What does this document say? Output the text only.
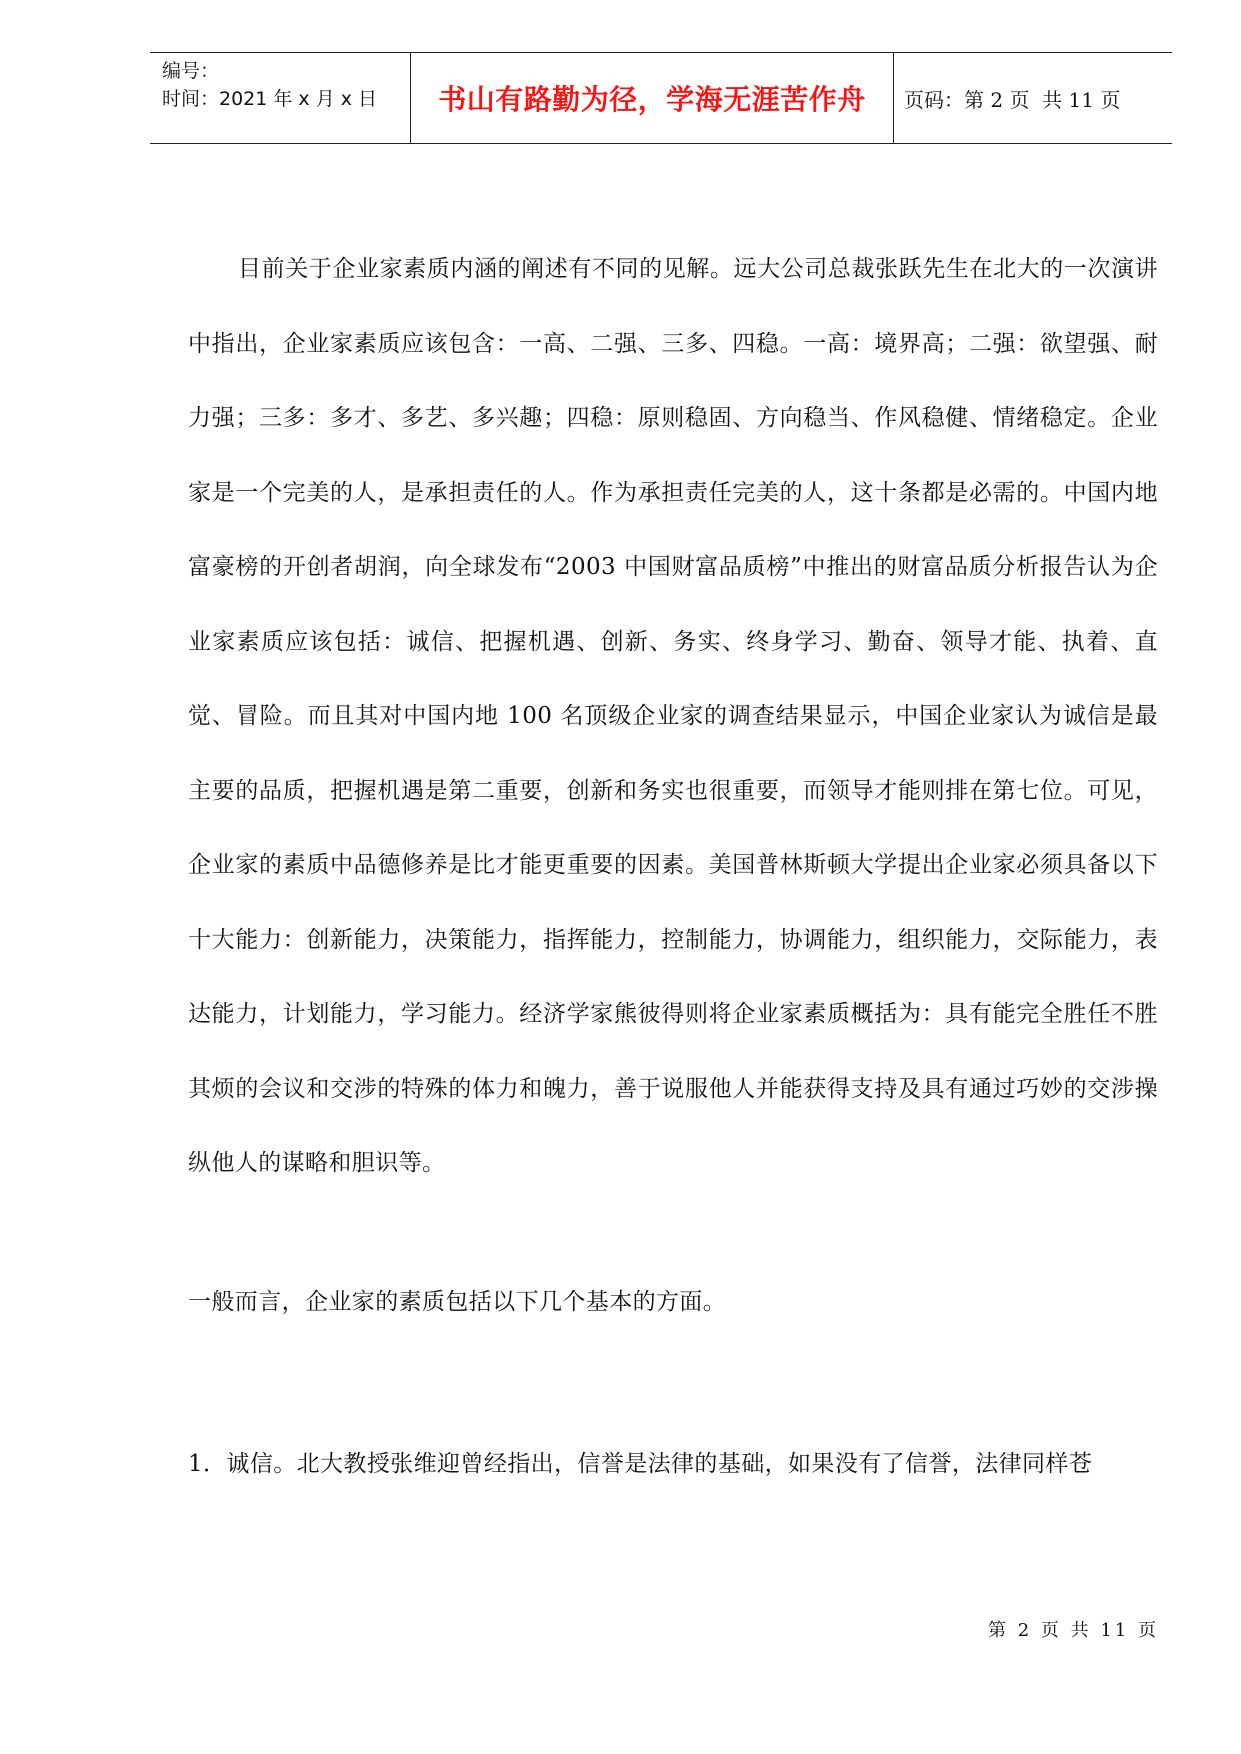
编号：
时间：2021 年 x 月 x 日	书山有路勤为径，学海无涯苦作舟 页码：第 2 页  共 11 页

目前关于企业家素质内涵的阐述有不同的见解。远大公司总裁张跃先生在北大的一次演讲中指出，企业家素质应该包含：一高、二强、三多、四稳。一高：境界高；二强：欲望强、耐力强；三多：多才、多艺、多兴趣；四稳：原则稳固、方向稳当、作风稳健、情绪稳定。企业家是一个完美的人，是承担责任的人。作为承担责任完美的人，这十条都是必需的。中国内地富豪榜的开创者胡润，向全球发布“2003 中国财富品质榜”中推出的财富品质分析报告认为企业家素质应该包括：诚信、把握机遇、创新、务实、终身学习、勤奋、领导才能、执着、直觉、冒险。而且其对中国内地 100 名顶级企业家的调查结果显示，中国企业家认为诚信是最主要的品质，把握机遇是第二重要，创新和务实也很重要，而领导才能则排在第七位。可见，企业家的素质中品德修养是比才能更重要的因素。美国普林斯顿大学提出企业家必须具备以下十大能力：创新能力，决策能力，指挥能力，控制能力，协调能力，组织能力，交际能力，表达能力，计划能力，学习能力。经济学家熊彼得则将企业家素质概括为：具有能完全胜任不胜其烦的会议和交涉的特殊的体力和魄力，善于说服他人并能获得支持及具有通过巧妙的交涉操纵他人的谋略和胆识等。

一般而言，企业家的素质包括以下几个基本的方面。

1．诚信。北大教授张维迎曾经指出，信誉是法律的基础，如果没有了信誉，法律同样苍

第 2 页 共 11 页
